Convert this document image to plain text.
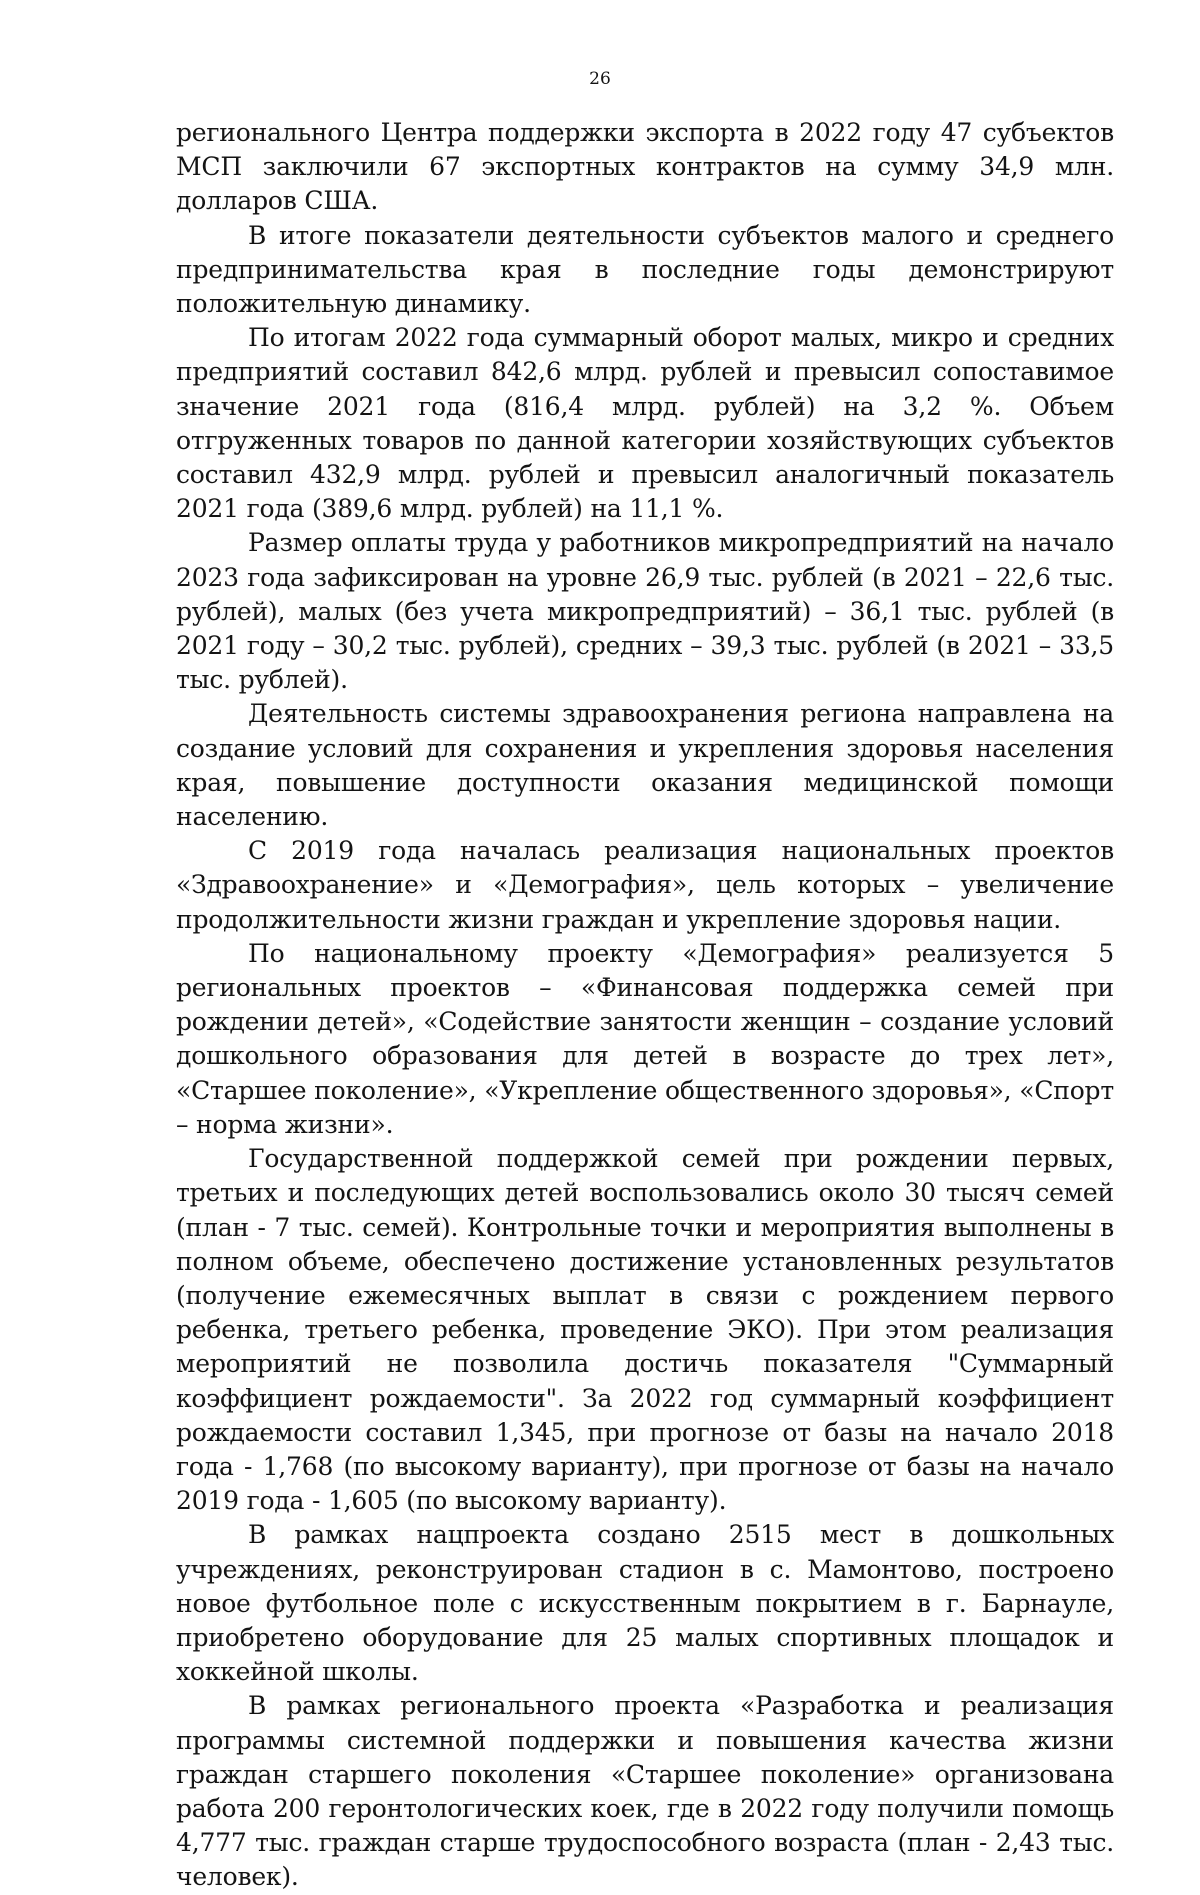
26

регионального Центра поддержки экспорта в 2022 году 47 субъектов МСП заключили 67 экспортных контрактов на сумму 34,9 млн. долларов США.

В итоге показатели деятельности субъектов малого и среднего предпринимательства края в последние годы демонстрируют положительную динамику.

По итогам 2022 года суммарный оборот малых, микро и средних предприятий составил 842,6 млрд. рублей и превысил сопоставимое значение 2021 года (816,4 млрд. рублей) на 3,2 %. Объем отгруженных товаров по данной категории хозяйствующих субъектов составил 432,9 млрд. рублей и превысил аналогичный показатель 2021 года (389,6 млрд. рублей) на 11,1 %.

Размер оплаты труда у работников микропредприятий на начало 2023 года зафиксирован на уровне 26,9 тыс. рублей (в 2021 – 22,6 тыс. рублей), малых (без учета микропредприятий) – 36,1 тыс. рублей (в 2021 году – 30,2 тыс. рублей), средних – 39,3 тыс. рублей (в 2021 – 33,5 тыс. рублей).

Деятельность системы здравоохранения региона направлена на создание условий для сохранения и укрепления здоровья населения края, повышение доступности оказания медицинской помощи населению.

С 2019 года началась реализация национальных проектов «Здравоохранение» и «Демография», цель которых – увеличение продолжительности жизни граждан и укрепление здоровья нации.

По национальному проекту «Демография» реализуется 5 региональных проектов – «Финансовая поддержка семей при рождении детей», «Содействие занятости женщин – создание условий дошкольного образования для детей в возрасте до трех лет», «Старшее поколение», «Укрепление общественного здоровья», «Спорт – норма жизни».

Государственной поддержкой семей при рождении первых, третьих и последующих детей воспользовались около 30 тысяч семей (план - 7 тыс. семей). Контрольные точки и мероприятия выполнены в полном объеме, обеспечено достижение установленных результатов (получение ежемесячных выплат в связи с рождением первого ребенка, третьего ребенка, проведение ЭКО). При этом реализация мероприятий не позволила достичь показателя "Суммарный коэффициент рождаемости". За 2022 год суммарный коэффициент рождаемости составил 1,345, при прогнозе от базы на начало 2018 года - 1,768 (по высокому варианту), при прогнозе от базы на начало 2019 года - 1,605 (по высокому варианту).

В рамках нацпроекта создано 2515 мест в дошкольных учреждениях, реконструирован стадион в с. Мамонтово, построено новое футбольное поле с искусственным покрытием в г. Барнауле, приобретено оборудование для 25 малых спортивных площадок и хоккейной школы.

В рамках регионального проекта «Разработка и реализация программы системной поддержки и повышения качества жизни граждан старшего поколения «Старшее поколение» организована работа 200 геронтологических коек, где в 2022 году получили помощь 4,777 тыс. граждан старше трудоспособного возраста (план - 2,43 тыс. человек).
